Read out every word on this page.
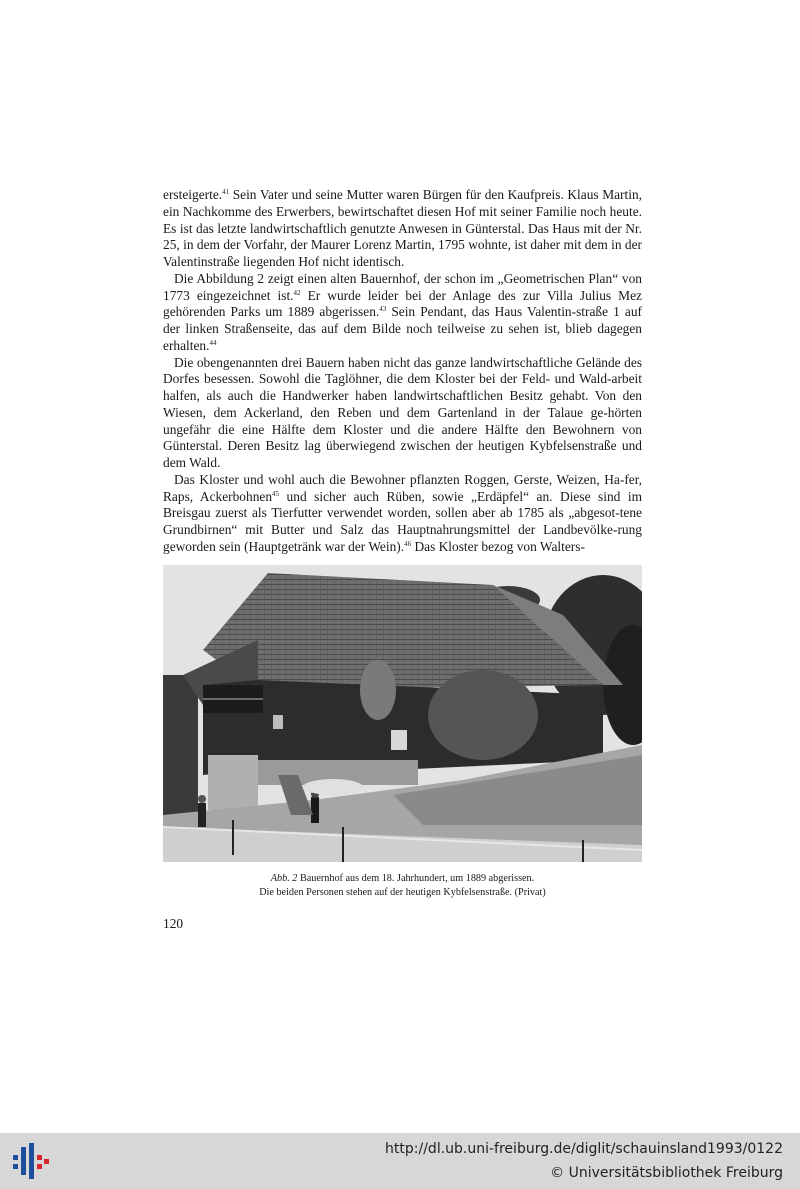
ersteigerte.$^{41}$ Sein Vater und seine Mutter waren Bürgen für den Kaufpreis. Klaus Martin, ein Nachkomme des Erwerbers, bewirtschaftet diesen Hof mit seiner Familie noch heute. Es ist das letzte landwirtschaftlich genutzte Anwesen in Günterstal. Das Haus mit der Nr. 25, in dem der Vorfahr, der Maurer Lorenz Martin, 1795 wohnte, ist daher mit dem in der Valentinstraße liegenden Hof nicht identisch.

Die Abbildung 2 zeigt einen alten Bauernhof, der schon im „Geometrischen Plan“ von 1773 eingezeichnet ist.$^{42}$ Er wurde leider bei der Anlage des zur Villa Julius Mez gehörenden Parks um 1889 abgerissen.$^{43}$ Sein Pendant, das Haus Valentin-straße 1 auf der linken Straßenseite, das auf dem Bilde noch teilweise zu sehen ist, blieb dagegen erhalten.$^{44}$

Die obengenannten drei Bauern haben nicht das ganze landwirtschaftliche Gelände des Dorfes besessen. Sowohl die Taglöhner, die dem Kloster bei der Feld- und Wald-arbeit halfen, als auch die Handwerker haben landwirtschaftlichen Besitz gehabt. Von den Wiesen, dem Ackerland, den Reben und dem Gartenland in der Talaue ge-hörten ungefähr die eine Hälfte dem Kloster und die andere Hälfte den Bewohnern von Günterstal. Deren Besitz lag überwiegend zwischen der heutigen Kybfelsenstraße und dem Wald.

Das Kloster und wohl auch die Bewohner pflanzten Roggen, Gerste, Weizen, Ha-fer, Raps, Ackerbohnen$^{45}$ und sicher auch Rüben, sowie „Erdäpfel“ an. Diese sind im Breisgau zuerst als Tierfutter verwendet worden, sollen aber ab 1785 als „abgesot-tene Grundbirnen“ mit Butter und Salz das Hauptnahrungsmittel der Landbevölke-rung geworden sein (Hauptgetränk war der Wein).$^{46}$ Das Kloster bezog von Walters-

Abb. 2 Bauernhof aus dem 18. Jahrhundert, um 1889 abgerissen.
Die beiden Personen stehen auf der heutigen Kybfelsenstraße. (Privat)
120
http://dl.ub.uni-freiburg.de/diglit/schauinsland1993/0122
© Universitätsbibliothek Freiburg
